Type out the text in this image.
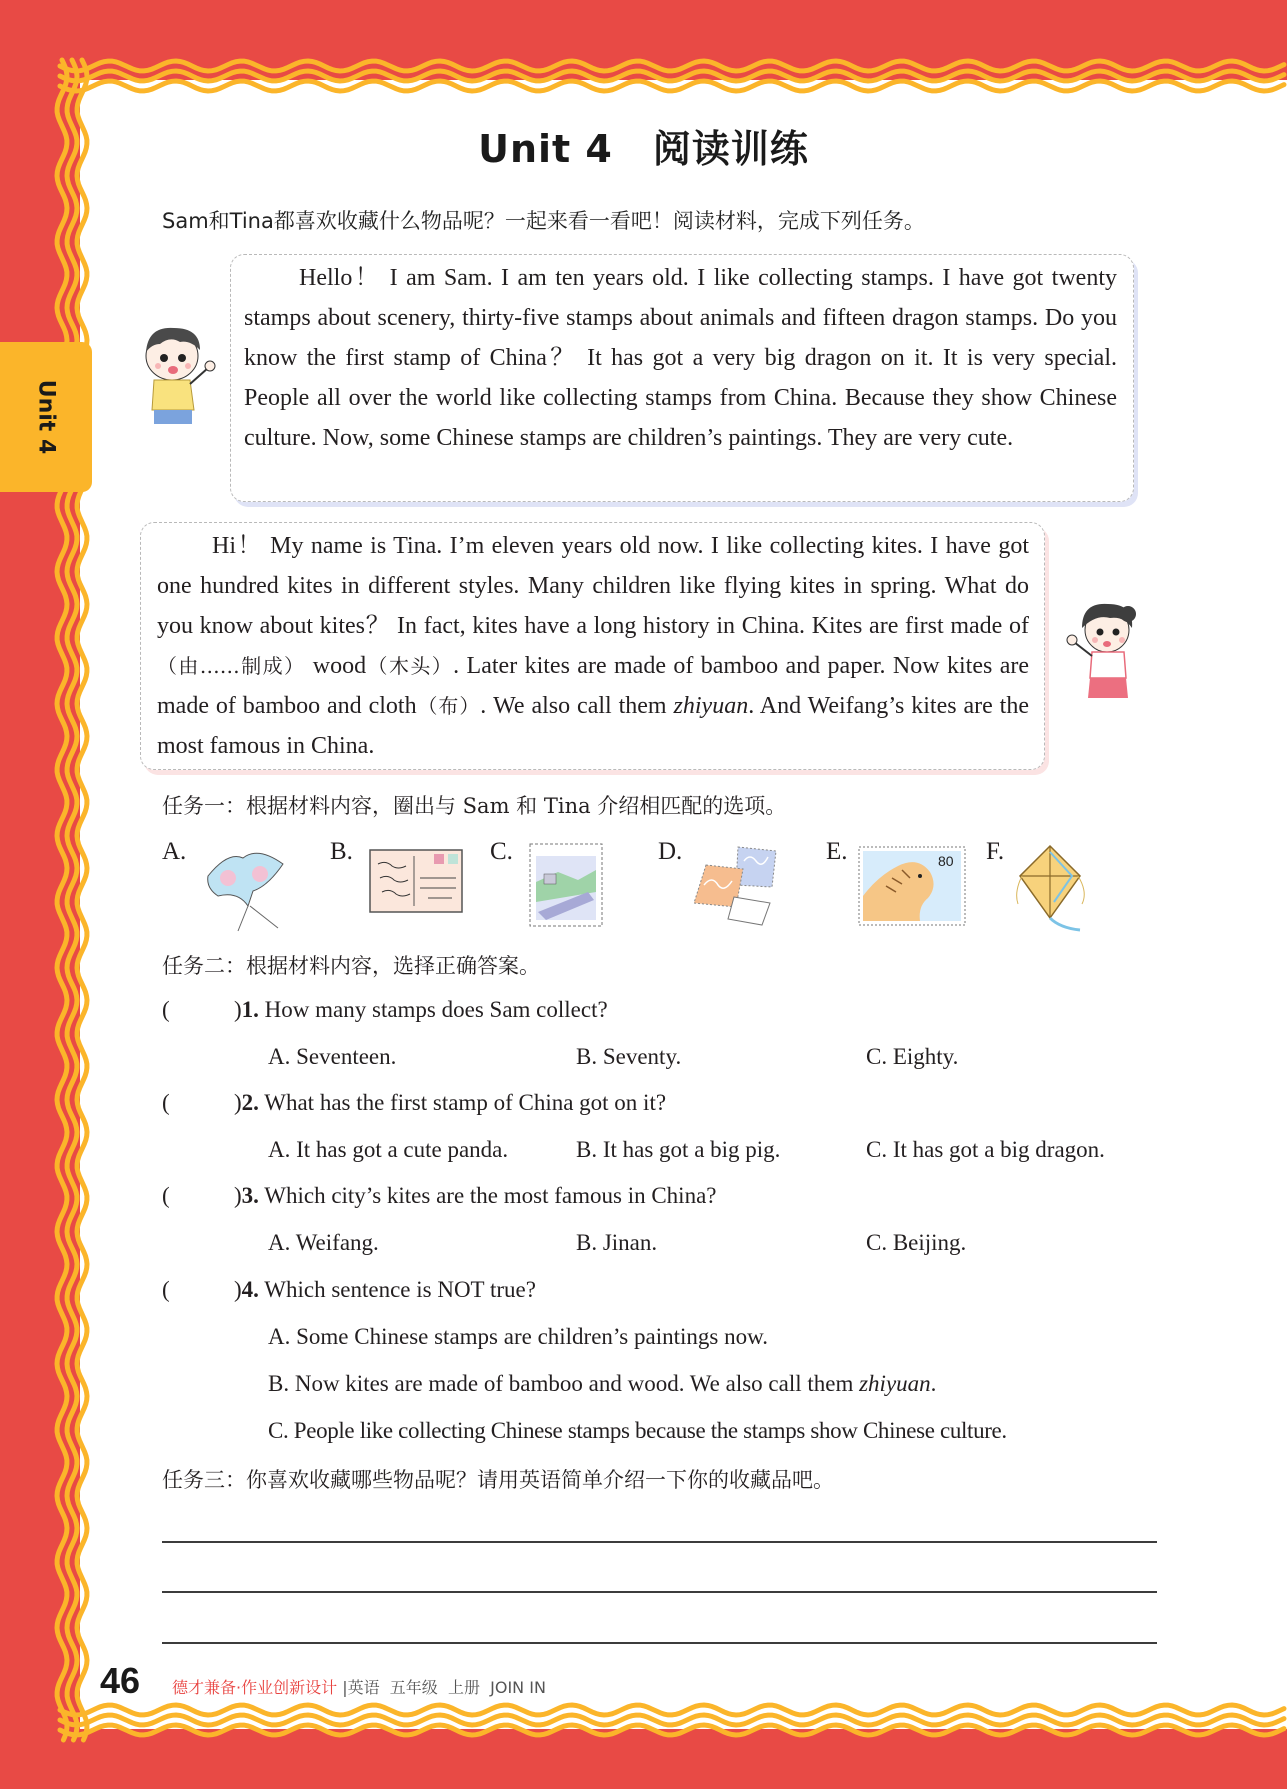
Unit 4
Unit 4 阅读训练
Sam和Tina都喜欢收藏什么物品呢？一起来看一看吧！阅读材料，完成下列任务。
Hello！ I am Sam. I am ten years old. I like collecting stamps. I have got twenty stamps about scenery, thirty-five stamps about animals and fifteen dragon stamps. Do you know the first stamp of China？ It has got a very big dragon on it. It is very special. People all over the world like collecting stamps from China. Because they show Chinese culture. Now, some Chinese stamps are children’s paintings. They are very cute.
Hi！ My name is Tina. I’m eleven years old now. I like collecting kites. I have got one hundred kites in different styles. Many children like flying kites in spring. What do you know about kites？ In fact, kites have a long history in China. Kites are first made of（由……制成） wood（木头）. Later kites are made of bamboo and paper. Now kites are made of bamboo and cloth（布）. We also call them zhiyuan. And Weifang’s kites are the most famous in China.
任务一：根据材料内容，圈出与 Sam 和 Tina 介绍相匹配的选项。
A.	B.	C.	D.	E.	80 F.
任务二：根据材料内容，选择正确答案。
(	)1. How many stamps does Sam collect?
A. Seventeen.	B. Seventy.	C. Eighty.
(	)2. What has the first stamp of China got on it?
A. It has got a cute panda.	B. It has got a big pig.	C. It has got a big dragon.
(	)3. Which city’s kites are the most famous in China?
A. Weifang.	B. Jinan.	C. Beijing.
(	)4. Which sentence is NOT true?
A. Some Chinese stamps are children’s paintings now.
B. Now kites are made of bamboo and wood. We also call them zhiyuan.
C. People like collecting Chinese stamps because the stamps show Chinese culture.
任务三：你喜欢收藏哪些物品呢？请用英语简单介绍一下你的收藏品吧。
46 德才兼备·作业创新设计 |英语 五年级 上册 JOIN IN
